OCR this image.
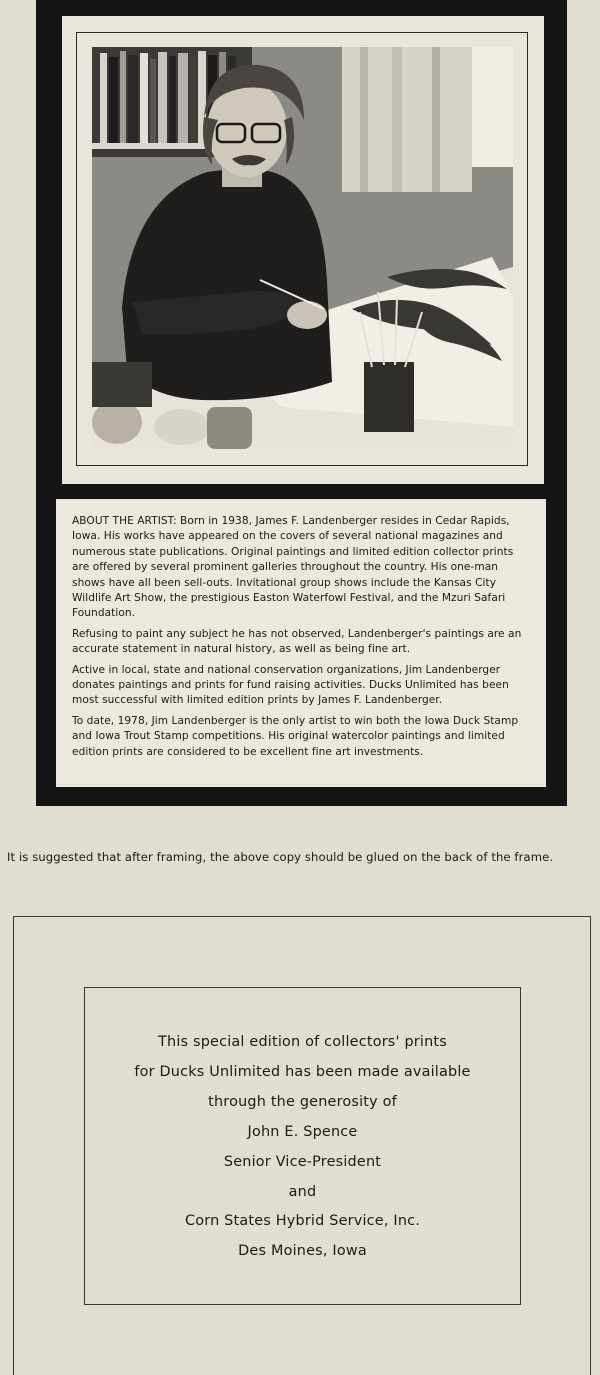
ABOUT THE ARTIST: Born in 1938, James F. Landenberger resides in Cedar Rapids, Iowa. His works have appeared on the covers of several national magazines and numerous state publications. Original paintings and limited edition collector prints are offered by several prominent galleries throughout the country. His one-man shows have all been sell-outs. Invitational group shows include the Kansas City Wildlife Art Show, the prestigious Easton Waterfowl Festival, and the Mzuri Safari Foundation.

Refusing to paint any subject he has not observed, Landenberger's paintings are an accurate statement in natural history, as well as being fine art.

Active in local, state and national conservation organizations, Jim Landenberger donates paintings and prints for fund raising activities. Ducks Unlimited has been most successful with limited edition prints by James F. Landenberger.

To date, 1978, Jim Landenberger is the only artist to win both the Iowa Duck Stamp and Iowa Trout Stamp competitions. His original watercolor paintings and limited edition prints are considered to be excellent fine art investments.

It is suggested that after framing, the above copy should be glued on the back of the frame.
This special edition of collectors' prints
for Ducks Unlimited has been made available
through the generosity of
John E. Spence
Senior Vice-President
and
Corn States Hybrid Service, Inc.
Des Moines, Iowa
